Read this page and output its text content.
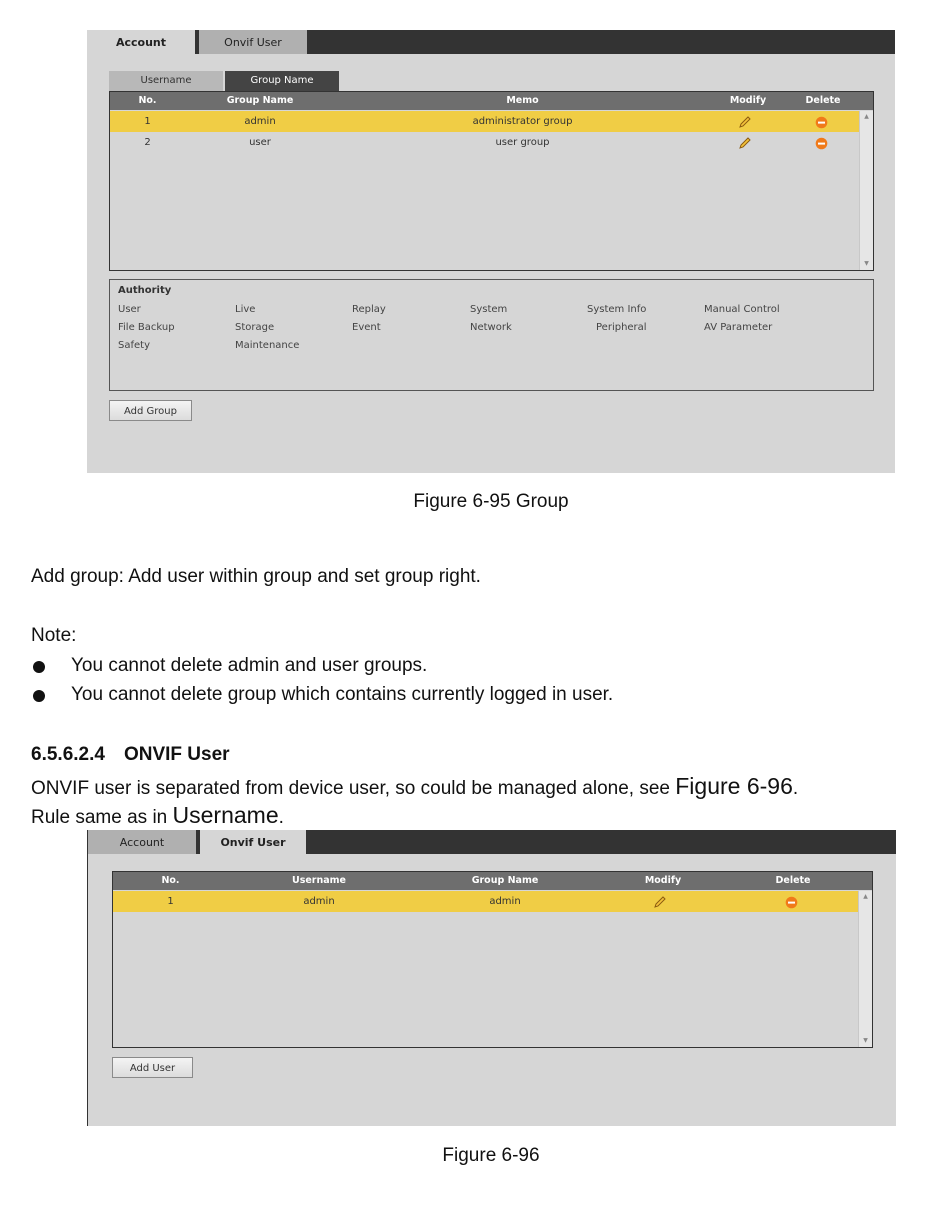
Account	Onvif User
Username	Group Name
No.	Group Name	Memo	Modify	Delete
1	admin	administrator group
2	user	user group
▲
▼
Authority
User	Live	Replay	System	System Info	Manual Control
File Backup	Storage	Event	Network	Peripheral	AV Parameter
Safety	Maintenance
Add Group
Figure 6-95 Group
Add group: Add user within group and set group right.
Note:
You cannot delete admin and user groups.
You cannot delete group which contains currently logged in user.
6.5.6.2.4 ONVIF User
ONVIF user is separated from device user, so could be managed alone, see Figure 6-96.
Rule same as in Username.
Account	Onvif User
No.	Username	Group Name	Modify	Delete
1	admin	admin	▲
▼
Add User
Figure 6-96
